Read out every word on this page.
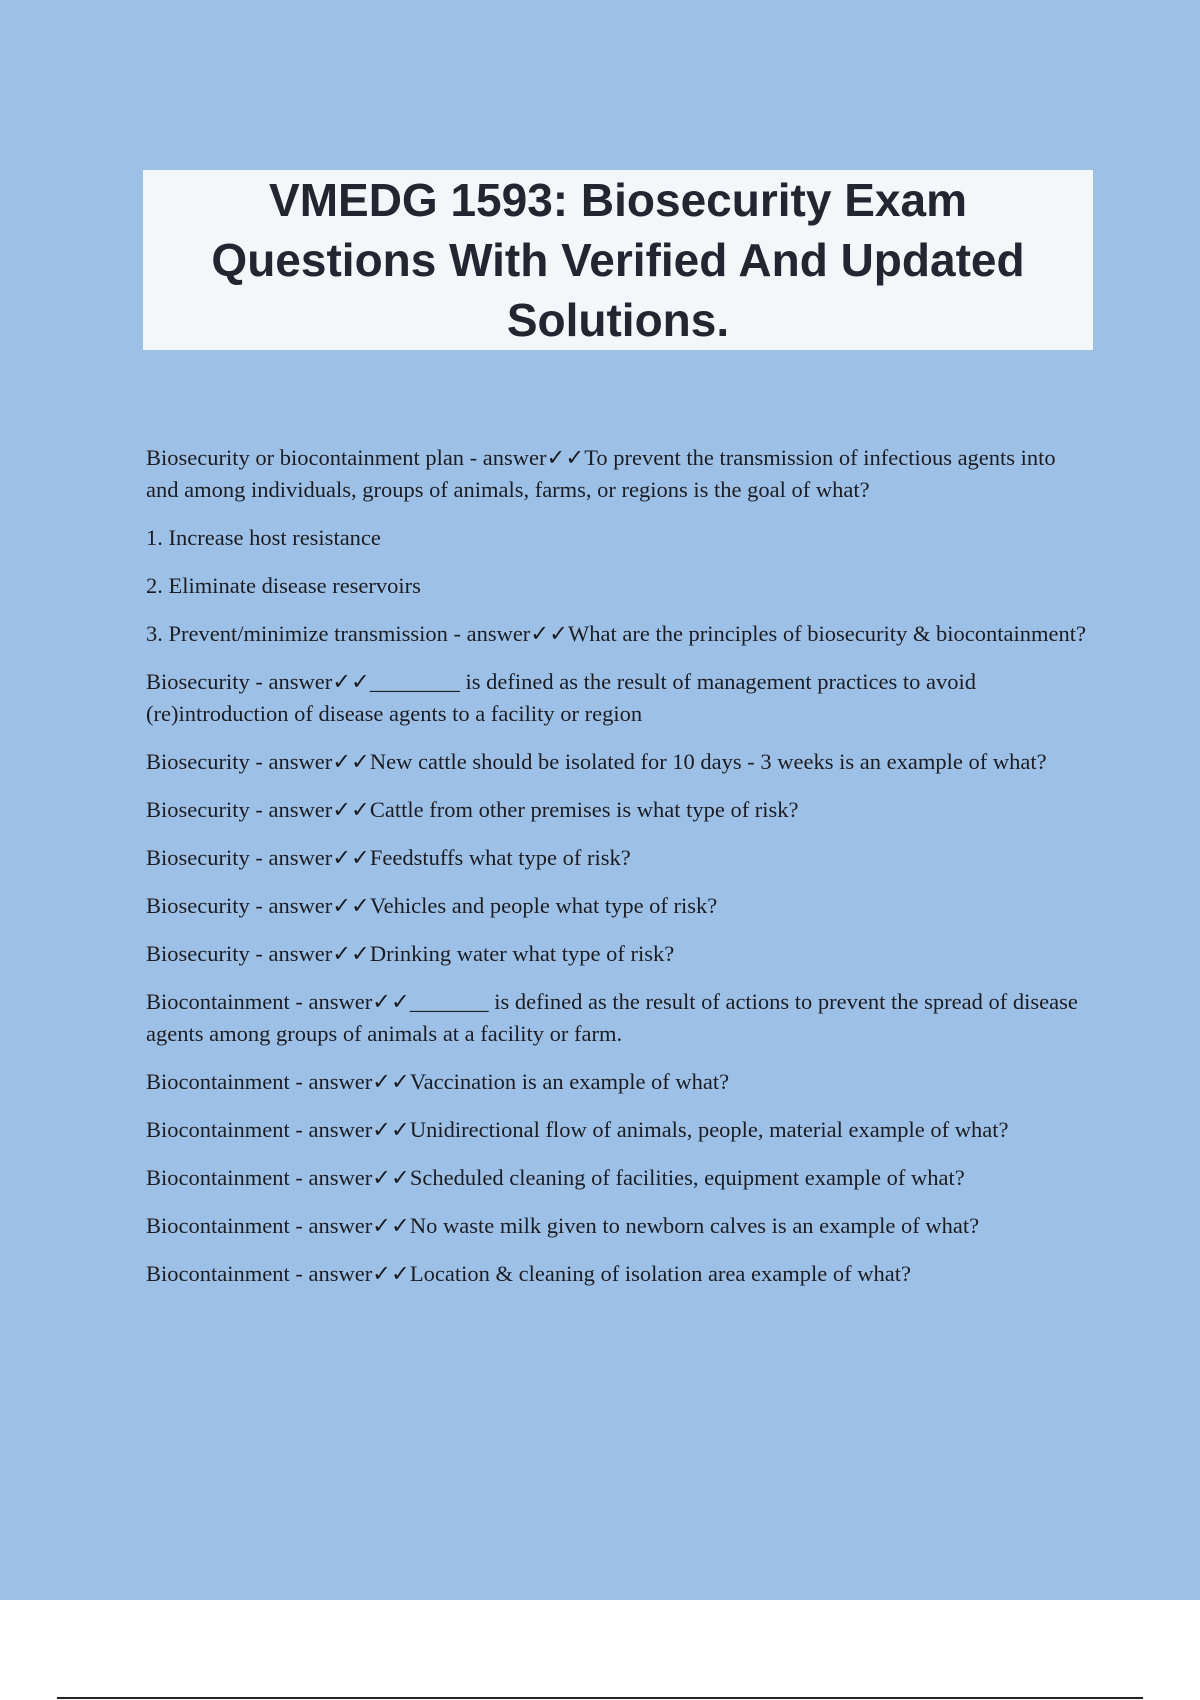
VMEDG 1593: Biosecurity Exam Questions With Verified And Updated Solutions.

Biosecurity or biocontainment plan - answer✓✓To prevent the transmission of infectious agents into and among individuals, groups of animals, farms, or regions is the goal of what?

1. Increase host resistance

2. Eliminate disease reservoirs

3. Prevent/minimize transmission - answer✓✓What are the principles of biosecurity & biocontainment?

Biosecurity - answer✓✓________ is defined as the result of management practices to avoid (re)introduction of disease agents to a facility or region

Biosecurity - answer✓✓New cattle should be isolated for 10 days - 3 weeks is an example of what?

Biosecurity - answer✓✓Cattle from other premises is what type of risk?

Biosecurity - answer✓✓Feedstuffs what type of risk?

Biosecurity - answer✓✓Vehicles and people what type of risk?

Biosecurity - answer✓✓Drinking water what type of risk?

Biocontainment - answer✓✓_______ is defined as the result of actions to prevent the spread of disease agents among groups of animals at a facility or farm.

Biocontainment - answer✓✓Vaccination is an example of what?

Biocontainment - answer✓✓Unidirectional flow of animals, people, material example of what?

Biocontainment - answer✓✓Scheduled cleaning of facilities, equipment example of what?

Biocontainment - answer✓✓No waste milk given to newborn calves is an example of what?

Biocontainment - answer✓✓Location & cleaning of isolation area example of what?
